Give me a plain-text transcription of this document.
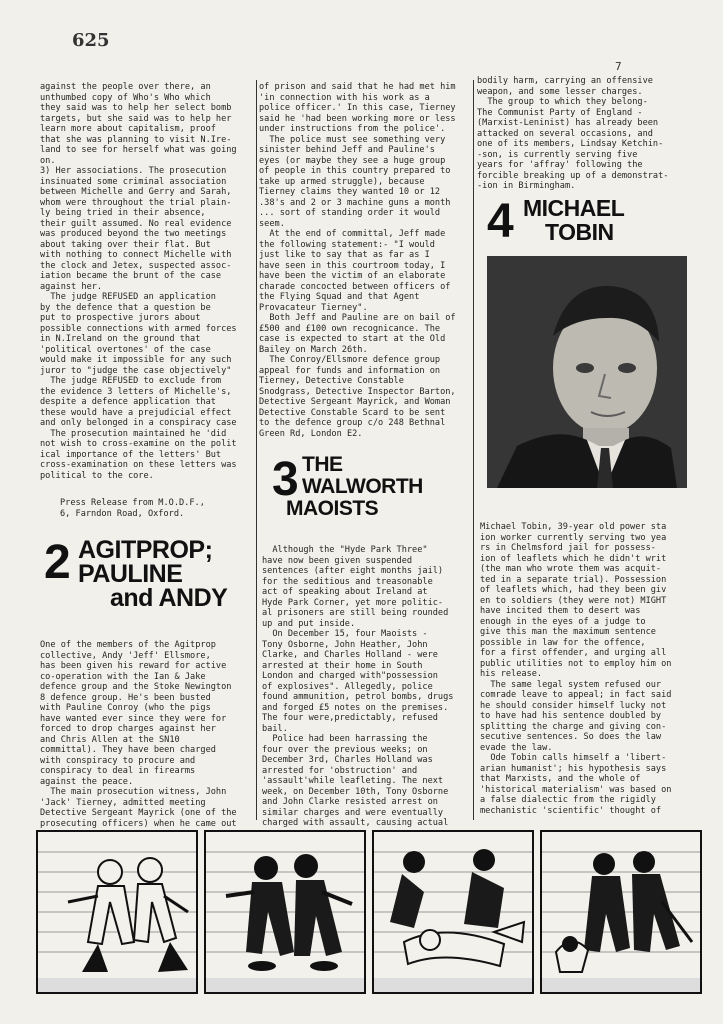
625
7
against the people over there, an
unthumbed copy of Who's Who which
they said was to help her select bomb
targets, but she said was to help her
learn more about capitalism, proof
that she was planning to visit N.Ire-
land to see for herself what was going
on.
3) Her associations. The prosecution
insinuated some criminal association
between Michelle and Gerry and Sarah,
whom were throughout the trial plain-
ly being tried in their absence,
their guilt assumed. No real evidence
was produced beyond the two meetings
about taking over their flat. But
with nothing to connect Michelle with
the clock and Jetex, suspected assoc-
iation became the brunt of the case
against her.
The judge REFUSED an application
by the defence that a question be
put to prospective jurors about
possible connections with armed forces
in N.Ireland on the ground that
'political overtones' of the case
would make it impossible for any such
juror to "judge the case objectively"
The judge REFUSED to exclude from
the evidence 3 letters of Michelle's,
despite a defence application that
these would have a prejudicial effect
and only belonged in a conspiracy case
The prosecution maintained he 'did
not wish to cross-examine on the polit
ical importance of the letters' But
cross-examination on these letters was
political to the core.
Press Release from M.O.D.F.,
6, Farndon Road, Oxford.
2 AGITPROP;
PAULINE
and ANDY
One of the members of the Agitprop
collective, Andy 'Jeff' Ellsmore,
has been given his reward for active
co-operation with the Ian & Jake
defence group and the Stoke Newington
8 defence group. He's been busted
with Pauline Conroy (who the pigs
have wanted ever since they were for
forced to drop charges against her
and Chris Allen at the SN10
committal). They have been charged
with conspiracy to procure and
conspiracy to deal in firearms
against the peace.
The main prosecution witness, John
'Jack' Tierney, admitted meeting
Detective Sergeant Mayrick (one of the
prosecuting officers) when he came out
of prison and said that he had met him
'in connection with his work as a
police officer.' In this case, Tierney
said he 'had been working more or less
under instructions from the police'.
The police must see something very
sinister behind Jeff and Pauline's
eyes (or maybe they see a huge group
of people in this country prepared to
take up armed struggle), because
Tierney claims they wanted 10 or 12
.38's and 2 or 3 machine guns a month
... sort of standing order it would
seem.
At the end of committal, Jeff made
the following statement:- "I would
just like to say that as far as I
have seen in this courtroom today, I
have been the victim of an elaborate
charade concocted between officers of
the Flying Squad and that Agent
Provacateur Tierney".
Both Jeff and Pauline are on bail of
£500 and £100 own recognicance. The
case is expected to start at the Old
Bailey on March 26th.
The Conroy/Ellsmore defence group
appeal for funds and information on
Tierney, Detective Constable
Snodgrass, Detective Inspector Barton,
Detective Sergeant Mayrick, and Woman
Detective Constable Scard to be sent
to the defence group c/o 248 Bethnal
Green Rd, London E2.
3 THE
WALWORTH
MAOISTS
Although the "Hyde Park Three"
have now been given suspended
sentences (after eight months jail)
for the seditious and treasonable
act of speaking about Ireland at
Hyde Park Corner, yet more politic-
al prisoners are still being rounded
up and put inside.
On December 15, four Maoists -
Tony Osborne, John Heather, John
Clarke, and Charles Holland - were
arrested at their home in South
London and charged with"possession
of explosives". Allegedly, police
found ammunition, petrol bombs, drugs
and forged £5 notes on the premises.
The four were,predictably, refused
bail.
Police had been harrassing the
four over the previous weeks; on
December 3rd, Charles Holland was
arrested for 'obstruction' and
'assault'while leafleting. The next
week, on December 10th, Tony Osborne
and John Clarke resisted arrest on
similar charges and were eventually
charged with assault, causing actual
bodily harm, carrying an offensive
weapon, and some lesser charges.
The group to which they belong-
The Communist Party of England -
(Marxist-Leninist) has already been
attacked on several occasions, and
one of its members, Lindsay Ketchin-
-son, is currently serving five
years for 'affray' following the
forcible breaking up of a demonstrat-
-ion in Birmingham.
4 MICHAEL
TOBIN
Michael Tobin, 39-year old power sta
ion worker currently serving two yea
rs in Chelmsford jail for possess-
ion of leaflets which he didn't writ
(the man who wrote them was acquit-
ted in a separate trial). Possession
of leaflets which, had they been giv
en to soldiers (they were not) MIGHT
have incited them to desert was
enough in the eyes of a judge to
give this man the maximum sentence
possible in law for the offence,
for a first offender, and urging all
public utilities not to employ him on
his release.
The same legal system refused our
comrade leave to appeal; in fact said
he should consider himself lucky not
to have had his sentence doubled by
splitting the charge and giving con-
secutive sentences. So does the law
evade the law.
Ode Tobin calls himself a 'libert-
arian humanist'; his hypothesis says
that Marxists, and the whole of
'historical materialism' was based on
a false dialectic from the rigidly
mechanistic 'scientific' thought of
